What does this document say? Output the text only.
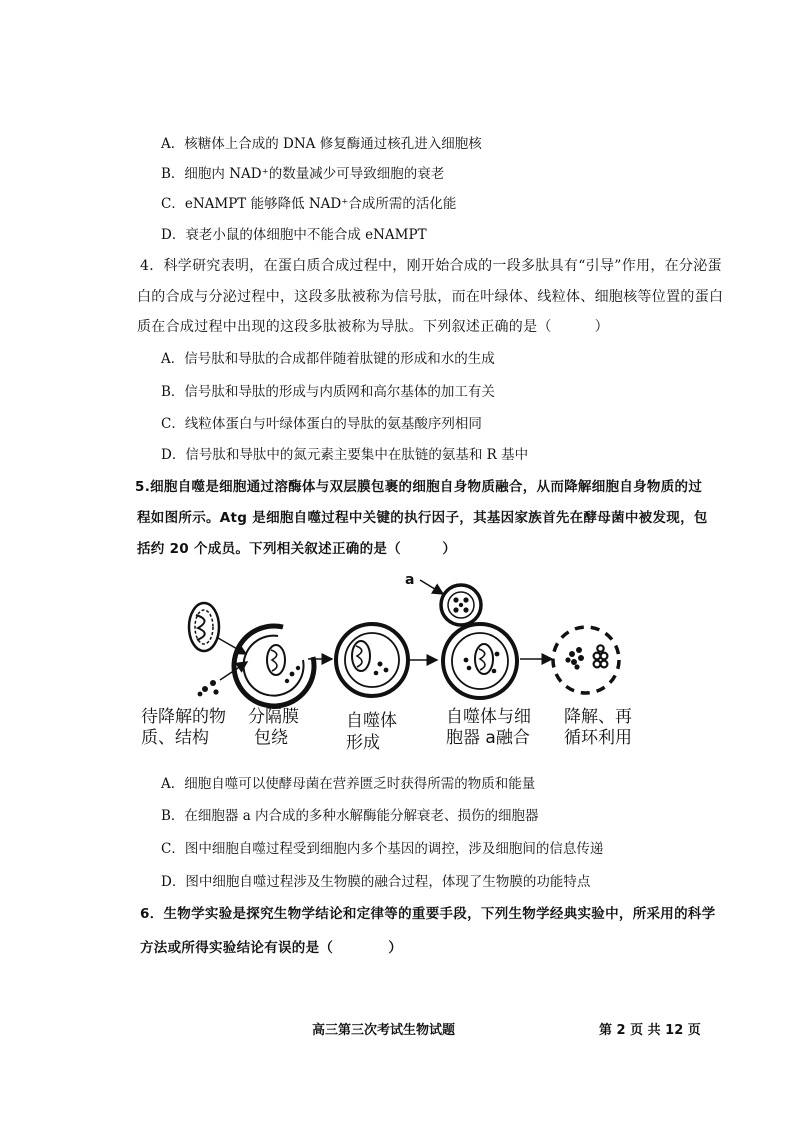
A．核糖体上合成的 DNA 修复酶通过核孔进入细胞核
B．细胞内 NAD⁺的数量减少可导致细胞的衰老
C．eNAMPT 能够降低 NAD⁺合成所需的活化能
D．衰老小鼠的体细胞中不能合成 eNAMPT
4．科学研究表明，在蛋白质合成过程中，刚开始合成的一段多肽具有“引导”作用，在分泌蛋
白的合成与分泌过程中，这段多肽被称为信号肽，而在叶绿体、线粒体、细胞核等位置的蛋白
质在合成过程中出现的这段多肽被称为导肽。下列叙述正确的是（　　　）
A．信号肽和导肽的合成都伴随着肽键的形成和水的生成
B．信号肽和导肽的形成与内质网和高尔基体的加工有关
C．线粒体蛋白与叶绿体蛋白的导肽的氨基酸序列相同
D．信号肽和导肽中的氮元素主要集中在肽链的氨基和 R 基中
5.细胞自噬是细胞通过溶酶体与双层膜包裹的细胞自身物质融合，从而降解细胞自身物质的过
程如图所示。Atg 是细胞自噬过程中关键的执行因子，其基因家族首先在酵母菌中被发现，包
括约 20 个成员。下列相关叙述正确的是（　　　）
a
待降解的物
质、结构
分隔膜
包绕
自噬体
形成
自噬体与细
胞器 a融合
降解、再
循环利用
A．细胞自噬可以使酵母菌在营养匮乏时获得所需的物质和能量
B．在细胞器 a 内合成的多种水解酶能分解衰老、损伤的细胞器
C．图中细胞自噬过程受到细胞内多个基因的调控，涉及细胞间的信息传递
D．图中细胞自噬过程涉及生物膜的融合过程，体现了生物膜的功能特点
6．生物学实验是探究生物学结论和定律等的重要手段，下列生物学经典实验中，所采用的科学
方法或所得实验结论有误的是（　　　　）
高三第三次考试生物试题	第 2 页 共 12 页
